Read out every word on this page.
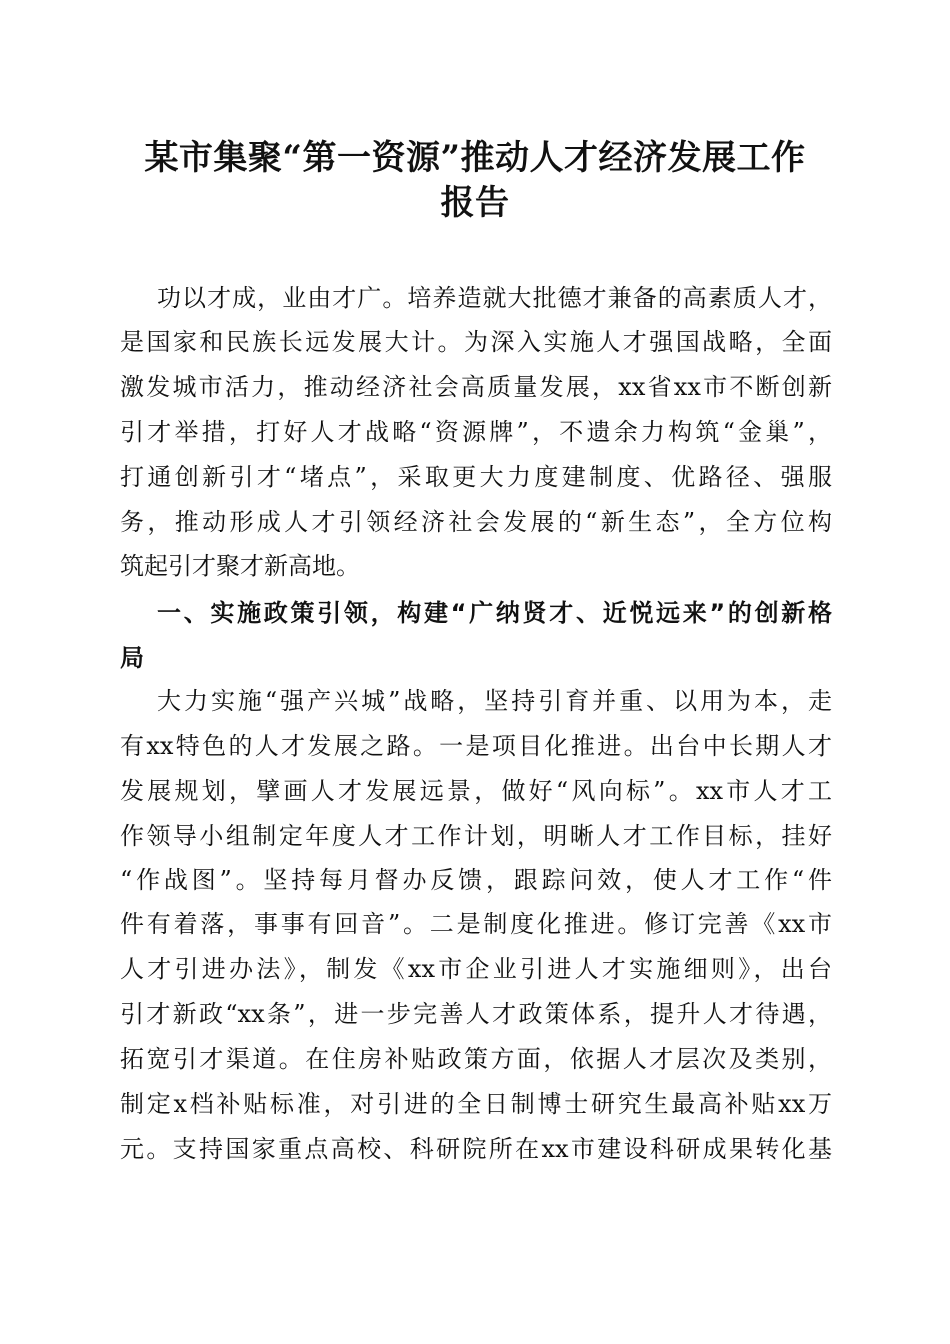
某市集聚“第一资源”推动人才经济发展工作
报告
功以才成，业由才广。培养造就大批德才兼备的高素质人才，
是国家和民族长远发展大计。为深入实施人才强国战略，全面
激发城市活力，推动经济社会高质量发展，xx省xx市不断创新
引才举措，打好人才战略“资源牌”，不遗余力构筑“金巢”，
打通创新引才“堵点”，采取更大力度建制度、优路径、强服
务，推动形成人才引领经济社会发展的“新生态”，全方位构
筑起引才聚才新高地。
一、实施政策引领，构建“广纳贤才、近悦远来”的创新格
局
大力实施“强产兴城”战略，坚持引育并重、以用为本，走
有xx特色的人才发展之路。一是项目化推进。出台中长期人才
发展规划，擘画人才发展远景，做好“风向标”。xx市人才工
作领导小组制定年度人才工作计划，明晰人才工作目标，挂好
“作战图”。坚持每月督办反馈，跟踪问效，使人才工作“件
件有着落，事事有回音”。二是制度化推进。修订完善《xx市
人才引进办法》，制发《xx市企业引进人才实施细则》，出台
引才新政“xx条”，进一步完善人才政策体系，提升人才待遇，
拓宽引才渠道。在住房补贴政策方面，依据人才层次及类别，
制定x档补贴标准，对引进的全日制博士研究生最高补贴xx万
元。支持国家重点高校、科研院所在xx市建设科研成果转化基
